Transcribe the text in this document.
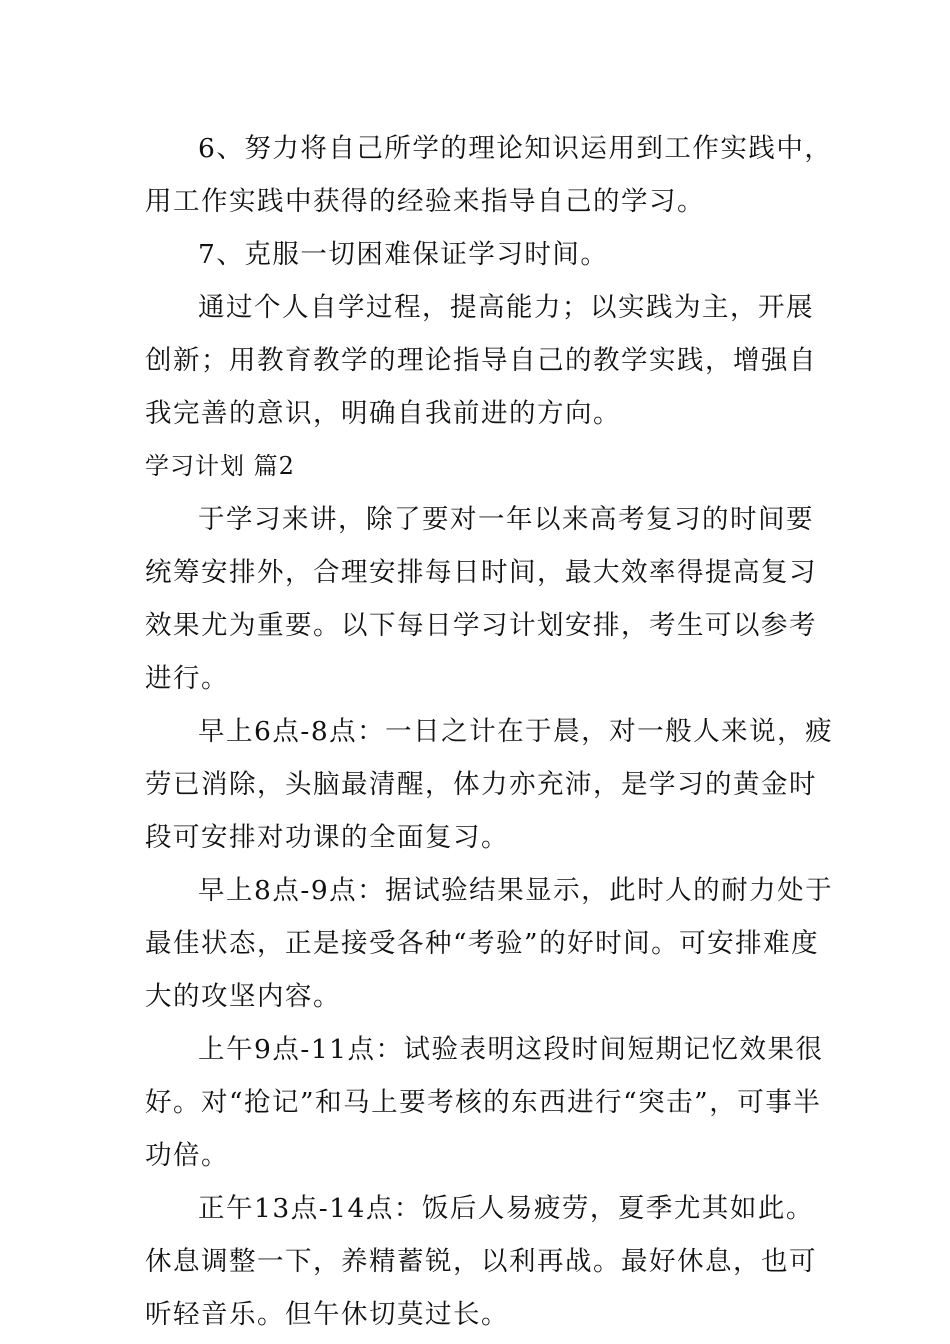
6、努力将自己所学的理论知识运用到工作实践中，用工作实践中获得的经验来指导自己的学习。

7、克服一切困难保证学习时间。

通过个人自学过程，提高能力；以实践为主，开展创新；用教育教学的理论指导自己的教学实践，增强自我完善的意识，明确自我前进的方向。

学习计划 篇2

于学习来讲，除了要对一年以来高考复习的时间要统筹安排外，合理安排每日时间，最大效率得提高复习效果尤为重要。以下每日学习计划安排，考生可以参考进行。

早上6点-8点：一日之计在于晨，对一般人来说，疲劳已消除，头脑最清醒，体力亦充沛，是学习的黄金时段可安排对功课的全面复习。

早上8点-9点：据试验结果显示，此时人的耐力处于最佳状态，正是接受各种“考验”的好时间。可安排难度大的攻坚内容。

上午9点-11点：试验表明这段时间短期记忆效果很好。对“抢记”和马上要考核的东西进行“突击”，可事半功倍。

正午13点-14点：饭后人易疲劳，夏季尤其如此。休息调整一下，养精蓄锐，以利再战。最好休息，也可听轻音乐。但午休切莫过长。
